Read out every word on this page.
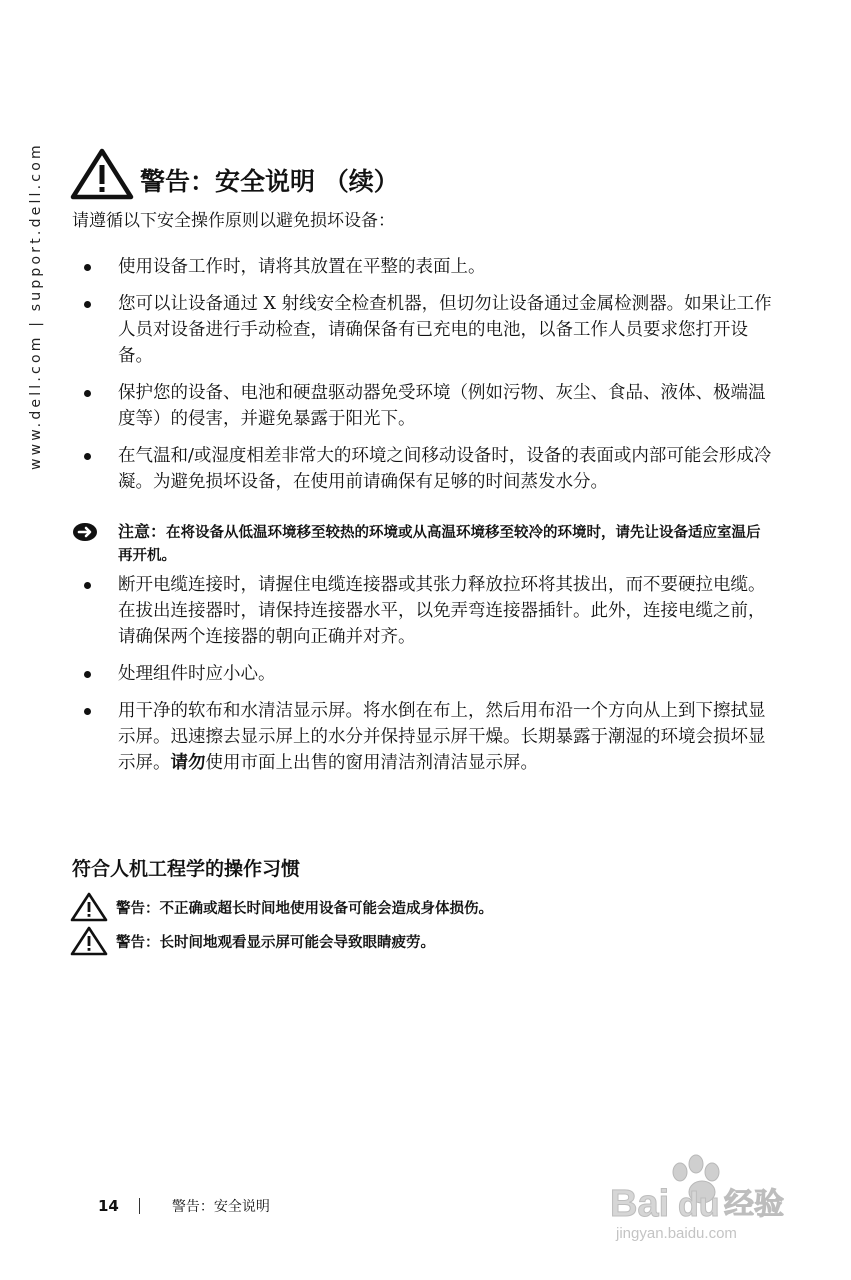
www.dell.com | support.dell.com	警告：安全说明 （续）

请遵循以下安全操作原则以避免损坏设备：

使用设备工作时，请将其放置在平整的表面上。
您可以让设备通过 X 射线安全检查机器，但切勿让设备通过金属检测器。如果让工作人员对设备进行手动检查，请确保备有已充电的电池，以备工作人员要求您打开设备。
保护您的设备、电池和硬盘驱动器免受环境（例如污物、灰尘、食品、液体、极端温度等）的侵害，并避免暴露于阳光下。
在气温和/或湿度相差非常大的环境之间移动设备时，设备的表面或内部可能会形成冷凝。为避免损坏设备，在使用前请确保有足够的时间蒸发水分。
注意：在将设备从低温环境移至较热的环境或从高温环境移至较冷的环境时，请先让设备适应室温后再开机。
断开电缆连接时，请握住电缆连接器或其张力释放拉环将其拔出，而不要硬拉电缆。在拔出连接器时，请保持连接器水平，以免弄弯连接器插针。此外，连接电缆之前，请确保两个连接器的朝向正确并对齐。
处理组件时应小心。
用干净的软布和水清洁显示屏。将水倒在布上，然后用布沿一个方向从上到下擦拭显示屏。迅速擦去显示屏上的水分并保持显示屏干燥。长期暴露于潮湿的环境会损坏显示屏。请勿使用市面上出售的窗用清洁剂清洁显示屏。
符合人机工程学的操作习惯
警告：不正确或超长时间地使用设备可能会造成身体损伤。
警告：长时间地观看显示屏可能会导致眼睛疲劳。
14	警告：安全说明	Bai du 经验
jingyan.baidu.com
